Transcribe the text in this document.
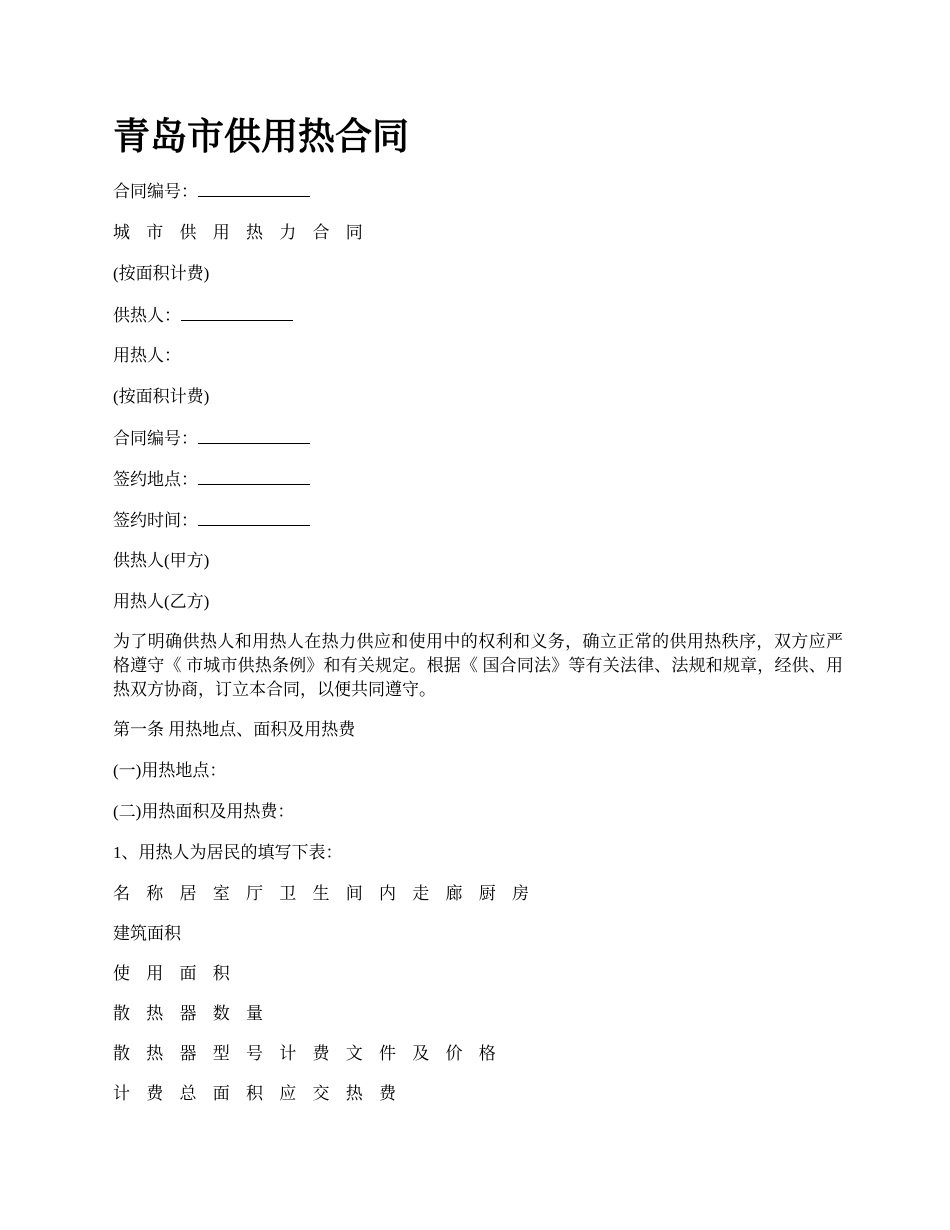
青岛市供用热合同

合同编号：

城 市 供 用 热 力 合 同

(按面积计费)

供热人：

用热人：

(按面积计费)

合同编号：

签约地点：

签约时间：

供热人(甲方)

用热人(乙方)

为了明确供热人和用热人在热力供应和使用中的权利和义务，确立正常的供用热秩序，双方应严格遵守《 市城市供热条例》和有关规定。根据《 国合同法》等有关法律、法规和规章，经供、用热双方协商，订立本合同，以便共同遵守。

第一条 用热地点、面积及用热费

(一)用热地点：

(二)用热面积及用热费：

1、用热人为居民的填写下表：

名 称 居 室 厅 卫 生 间 内 走 廊 厨 房

建筑面积

使 用 面 积

散 热 器 数 量

散 热 器 型 号 计 费 文 件 及 价 格

计 费 总 面 积 应 交 热 费
